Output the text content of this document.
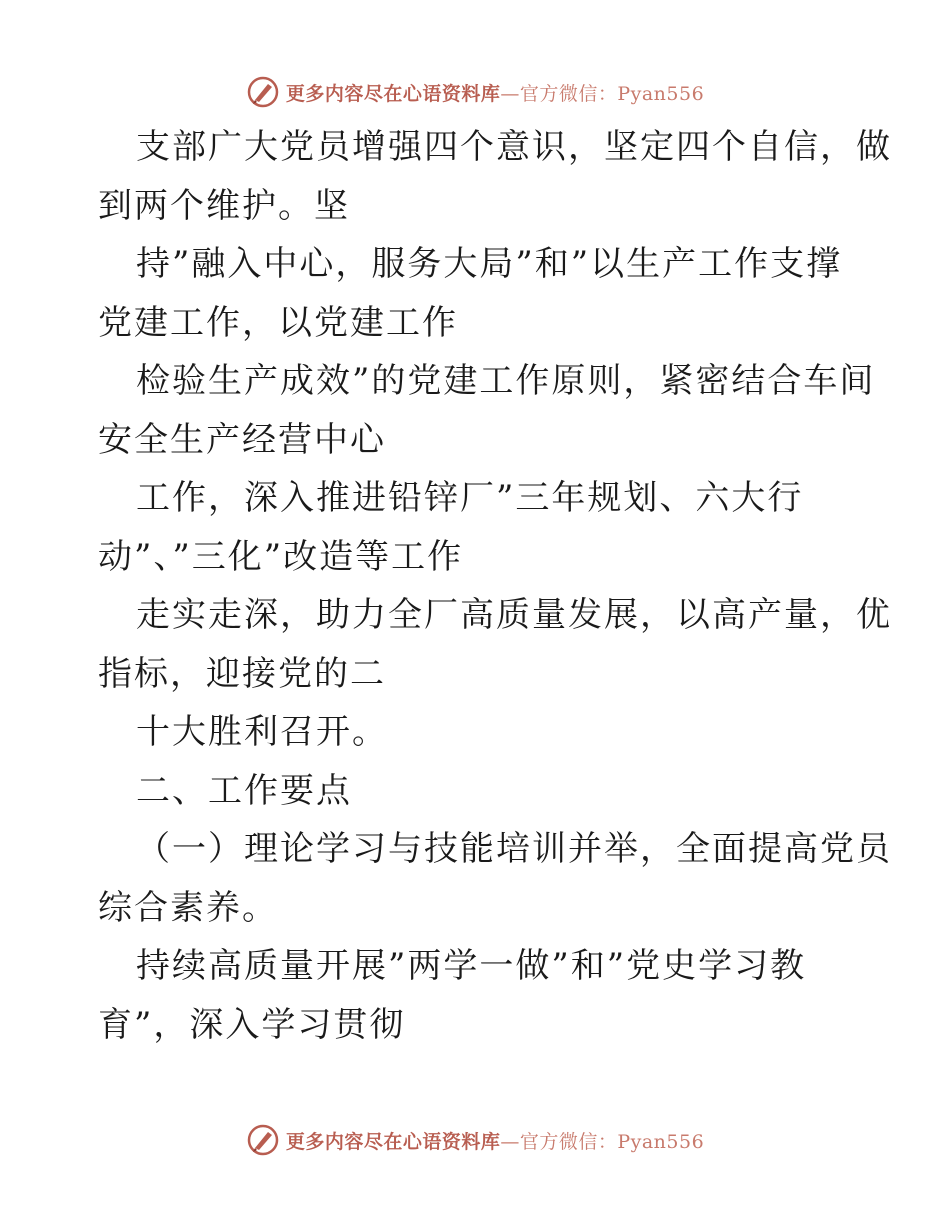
更多内容尽在心语资料库—官方微信：Pyan556
支部广大党员增强四个意识，坚定四个自信，做
到两个维护。坚
持”融入中心，服务大局”和”以生产工作支撑
党建工作，以党建工作
检验生产成效”的党建工作原则，紧密结合车间
安全生产经营中心
工作，深入推进铅锌厂”三年规划、六大行
动”、”三化”改造等工作
走实走深，助力全厂高质量发展，以高产量，优
指标，迎接党的二
十大胜利召开。
二、工作要点
（一）理论学习与技能培训并举，全面提高党员
综合素养。
持续高质量开展”两学一做”和”党史学习教
育”，深入学习贯彻
更多内容尽在心语资料库—官方微信：Pyan556
